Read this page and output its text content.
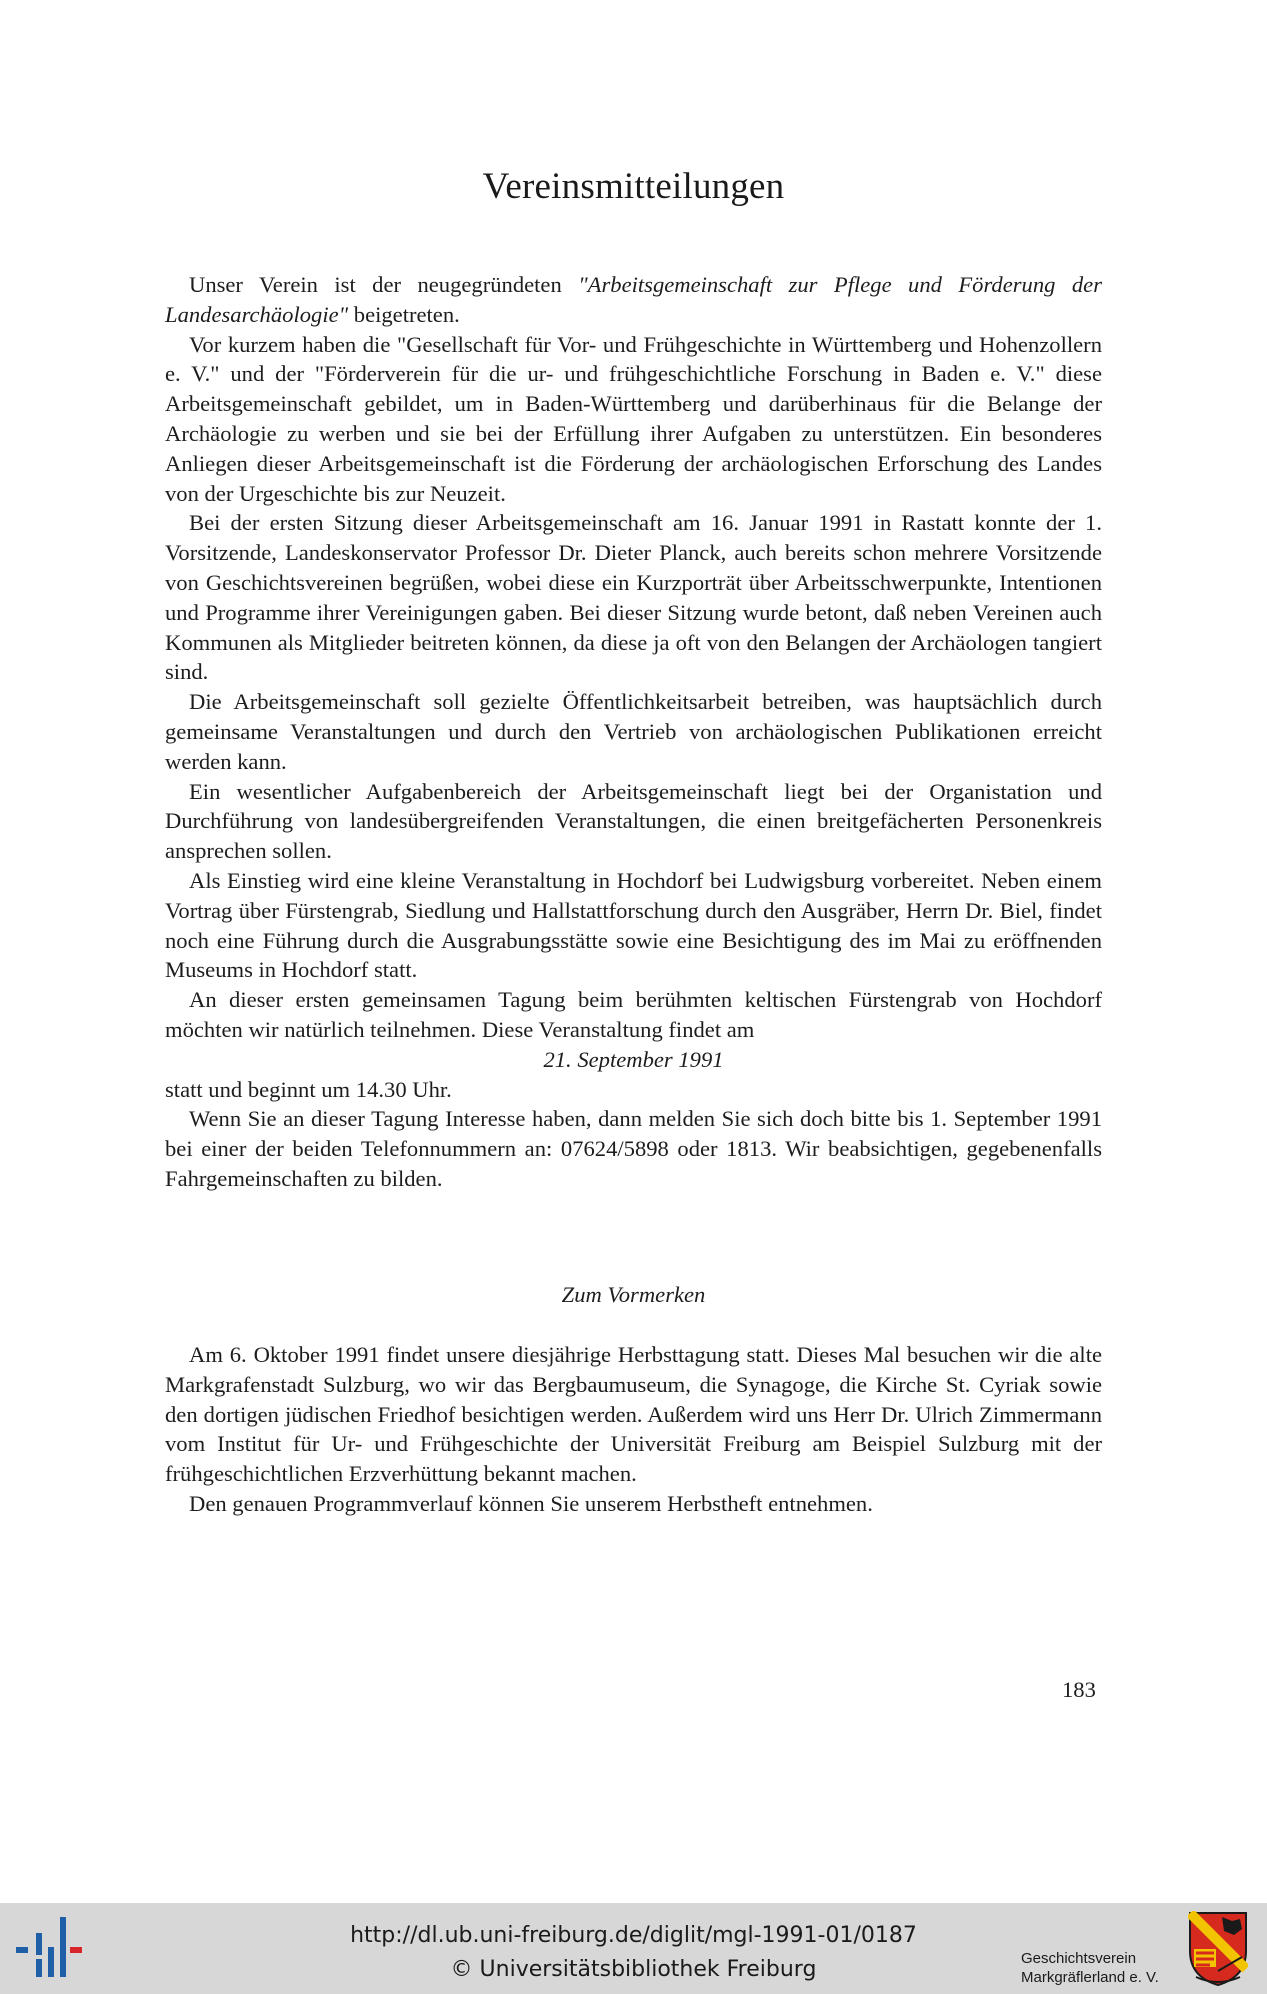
Vereinsmitteilungen

Unser Verein ist der neugegründeten "Arbeitsgemeinschaft zur Pflege und Förderung der Landesarchäologie" beigetreten.

Vor kurzem haben die "Gesellschaft für Vor- und Frühgeschichte in Württemberg und Hohenzollern e. V." und der "Förderverein für die ur- und frühgeschichtliche Forschung in Baden e. V." diese Arbeitsgemeinschaft gebildet, um in Baden-Württemberg und darüberhinaus für die Belange der Archäologie zu werben und sie bei der Erfüllung ihrer Aufgaben zu unterstützen. Ein besonderes Anliegen dieser Arbeitsgemeinschaft ist die Förderung der archäologischen Erforschung des Landes von der Urgeschichte bis zur Neuzeit.

Bei der ersten Sitzung dieser Arbeitsgemeinschaft am 16. Januar 1991 in Rastatt konnte der 1. Vorsitzende, Landeskonservator Professor Dr. Dieter Planck, auch bereits schon mehrere Vorsitzende von Geschichtsvereinen begrüßen, wobei diese ein Kurzporträt über Arbeitsschwerpunkte, Intentionen und Programme ihrer Vereinigungen gaben. Bei dieser Sitzung wurde betont, daß neben Vereinen auch Kommunen als Mitglieder beitreten können, da diese ja oft von den Belangen der Archäologen tangiert sind.

Die Arbeitsgemeinschaft soll gezielte Öffentlichkeitsarbeit betreiben, was hauptsächlich durch gemeinsame Veranstaltungen und durch den Vertrieb von archäologischen Publikationen erreicht werden kann.

Ein wesentlicher Aufgabenbereich der Arbeitsgemeinschaft liegt bei der Organistation und Durchführung von landesübergreifenden Veranstaltungen, die einen breitgefächerten Personenkreis ansprechen sollen.

Als Einstieg wird eine kleine Veranstaltung in Hochdorf bei Ludwigsburg vorbereitet. Neben einem Vortrag über Fürstengrab, Siedlung und Hallstattforschung durch den Ausgräber, Herrn Dr. Biel, findet noch eine Führung durch die Ausgrabungsstätte sowie eine Besichtigung des im Mai zu eröffnenden Museums in Hochdorf statt.

An dieser ersten gemeinsamen Tagung beim berühmten keltischen Fürstengrab von Hochdorf möchten wir natürlich teilnehmen. Diese Veranstaltung findet am

21. September 1991

statt und beginnt um 14.30 Uhr.

Wenn Sie an dieser Tagung Interesse haben, dann melden Sie sich doch bitte bis 1. September 1991 bei einer der beiden Telefonnummern an: 07624/5898 oder 1813. Wir beabsichtigen, gegebenenfalls Fahrgemeinschaften zu bilden.

Zum Vormerken

Am 6. Oktober 1991 findet unsere diesjährige Herbsttagung statt. Dieses Mal besuchen wir die alte Markgrafenstadt Sulzburg, wo wir das Bergbaumuseum, die Synagoge, die Kirche St. Cyriak sowie den dortigen jüdischen Friedhof besichtigen werden. Außerdem wird uns Herr Dr. Ulrich Zimmermann vom Institut für Ur- und Frühgeschichte der Universität Freiburg am Beispiel Sulzburg mit der frühgeschichtlichen Erzverhüttung bekannt machen.

Den genauen Programmverlauf können Sie unserem Herbstheft entnehmen.

183
http://dl.ub.uni-freiburg.de/diglit/mgl-1991-01/0187
© Universitätsbibliothek Freiburg	Geschichtsverein
Markgräflerland e. V.
